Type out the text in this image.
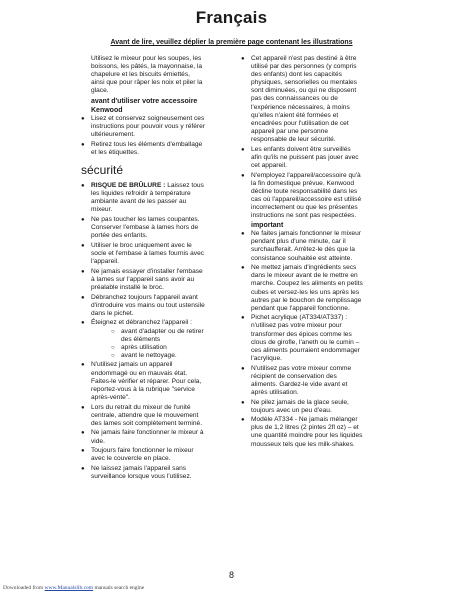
Français
Avant de lire, veuillez déplier la première page contenant les illustrations

Utilisez le mixeur pour les soupes, les boissons, les pâtés, la mayonnaise, la chapelure et les biscuits émiettés, ainsi que pour râper les noix et piler la glace.

avant d'utiliser votre accessoire Kenwood
● Lisez et conservez soigneusement ces instructions pour pouvoir vous y référer ultérieurement.
● Retirez tous les éléments d'emballage et les étiquettes.
sécurité
● RISQUE DE BRÛLURE : Laissez tous les liquides refroidir à température ambiante avant de les passer au mixeur.
● Ne pas toucher les lames coupantes. Conserver l'embase à lames hors de portée des enfants.
● Utiliser le broc uniquement avec le socle et l'embase à lames fournis avec l'appareil.
● Ne jamais essayer d'installer l'embase à lames sur l'appareil sans avoir au préalable installé le broc.
● Débranchez toujours l'appareil avant d'introduire vos mains ou tout ustensile dans le pichet.
● Éteignez et débranchez l'appareil :
○ avant d'adapter ou de retirer des éléments
○ après utilisation
○ avant le nettoyage.
● N'utilisez jamais un appareil endommagé ou en mauvais état. Faites-le vérifier et réparer. Pour cela, reportez-vous à la rubrique "service après-vente".
● Lors du retrait du mixeur de l'unité centrale, attendre que le mouvement des lames soit complètement terminé.
● Ne jamais faire fonctionner le mixeur à vide.
● Toujours faire fonctionner le mixeur avec le couvercle en place.
● Ne laissez jamais l'appareil sans surveillance lorsque vous l'utilisez.
● Cet appareil n'est pas destiné à être utilisé par des personnes (y compris des enfants) dont les capacités physiques, sensorielles ou mentales sont diminuées, ou qui ne disposent pas des connaissances ou de l'expérience nécessaires, à moins qu'elles n'aient été formées et encadrées pour l'utilisation de cet appareil par une personne responsable de leur sécurité.
● Les enfants doivent être surveillés afin qu'ils ne puissent pas jouer avec cet appareil.
● N'employez l'appareil/accessoire qu'à la fin domestique prévue. Kenwood décline toute responsabilité dans les cas où l'appareil/accessoire est utilisé incorrectement ou que les présentes instructions ne sont pas respectées.
important
● Ne faites jamais fonctionner le mixeur pendant plus d'une minute, car il surchaufferait. Arrêtez-le dès que la consistance souhaitée est atteinte.
● Ne mettez jamais d'ingrédients secs dans le mixeur avant de le mettre en marche. Coupez les aliments en petits cubes et versez-les les uns après les autres par le bouchon de remplissage pendant que l'appareil fonctionne.
● Pichet acrylique (AT334/AT337) : n'utilisez pas votre mixeur pour transformer des épices comme les clous de girofle, l'aneth ou le cumin – ces aliments pourraient endommager l'acrylique.
● N'utilisez pas votre mixeur comme récipient de conservation des aliments. Gardez-le vide avant et après utilisation.
● Ne pilez jamais de la glace seule, toujours avec un peu d'eau.
● Modèle AT334 - Ne jamais mélanger plus de 1,2 litres (2 pintes 2fl oz) – et une quantité moindre pour les liquides mousseux tels que les milk-shakes.
8
Downloaded from www.Manualslib.com manuals search engine
